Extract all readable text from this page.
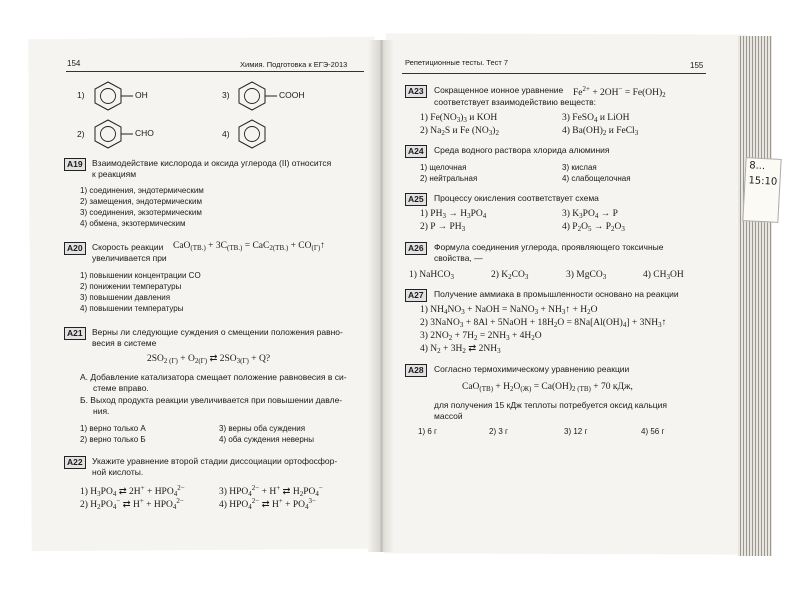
8...
15:10
154	Химия. Подготовка к ЕГЭ-2013
1)	OH
2)	CHO
3)	COOH
4)
A19	Взаимодействие кислорода и оксида углерода (II) относится
к реакциям
1) соединения, эндотермическим
2) замещения, эндотермическим
3) соединения, экзотермическим
4) обмена, экзотермическим
A20	Скорость реакции $CaO_{(ТВ.)} + 3C_{(ТВ.)} = CaC_{2(ТВ.)}$ + $CO_{(Г)}↑$
увеличивается при
1) повышении концентрации CO
2) понижении температуры
3) повышении давления
4) повышении температуры
A21	Верны ли следующие суждения о смещении положения равно-
весия в системе
$2SO_{2 (Г)} + O_{2(Г)}$ ⇄ $2SO_{3(Г)} + Q$?
А. Добавление катализатора смещает положение равновесия в си-
стеме вправо.
Б. Выход продукта реакции увеличивается при повышении давле-
ния.
1) верно только А
2) верно только Б
3) верны оба суждения
4) оба суждения неверны
A22	Укажите уравнение второй стадии диссоциации ортофосфор-
ной кислоты.
1) $H_3PO_4$ ⇄ $2H^+ + HPO_4^{2-}$
2) $H_2PO_4^-$ ⇄ $H^+ + HPO_4^{2-}$
3) $HPO_4^{2-} + H^+$ ⇄ $H_2PO_4^-$
4) $HPO_4^{2-}$ ⇄ $H^+ + PO_4^{3-}$
Репетиционные тесты. Тест 7	155
A23	Сокращенное ионное уравнение $Fe^{2+} + 2OH^- = Fe(OH)_2$
соответствует взаимодействию веществ:
1) $Fe(NO_3)_3$ и KOH
2) $Na_2S$ и Fe $(NO_3)_2$
3) FeSO$_4$ и LiOH
4) $Ba(OH)_2$ и FeCl$_3$
A24	Среда водного раствора хлорида алюминия
1) щелочная
2) нейтральная
3) кислая
4) слабощелочная
A25	Процессу окисления соответствует схема
1) $PH_3 \to H_3PO_4$
2) $P \to PH_3$
3) $K_3PO_4 \to P$
4) $P_2O_5 \to P_2O_3$
A26	Формула соединения углерода, проявляющего токсичные
свойства, —
1) NaHCO$_3$	2) $K_2CO_3$	3) MgCO$_3$	4) $CH_3OH$
A27	Получение аммиака в промышленности основано на реакции
1) $NH_4NO_3$ + NaOH = NaNO$_3$ + $NH_3↑ + H_2O$
2) 3NaNO$_3$ + 8Al + 5NaOH + $18H_2O = 8Na[Al(OH)_4]$ + $3NH_3↑$
3) $2NO_2 + 7H_2 = 2NH_3 + 4H_2O$
4) $N_2 + 3H_2$ ⇄ $2NH_3$
A28	Согласно термохимическому уравнению реакции
$CaO_{(ТВ)} + H_2O_{(Ж)} = Ca(OH)_{2 (ТВ)} + 70$ кДж,
для получения 15 кДж теплоты потребуется оксид кальция
массой
1) 6 г	2) 3 г	3) 12 г	4) 56 г
